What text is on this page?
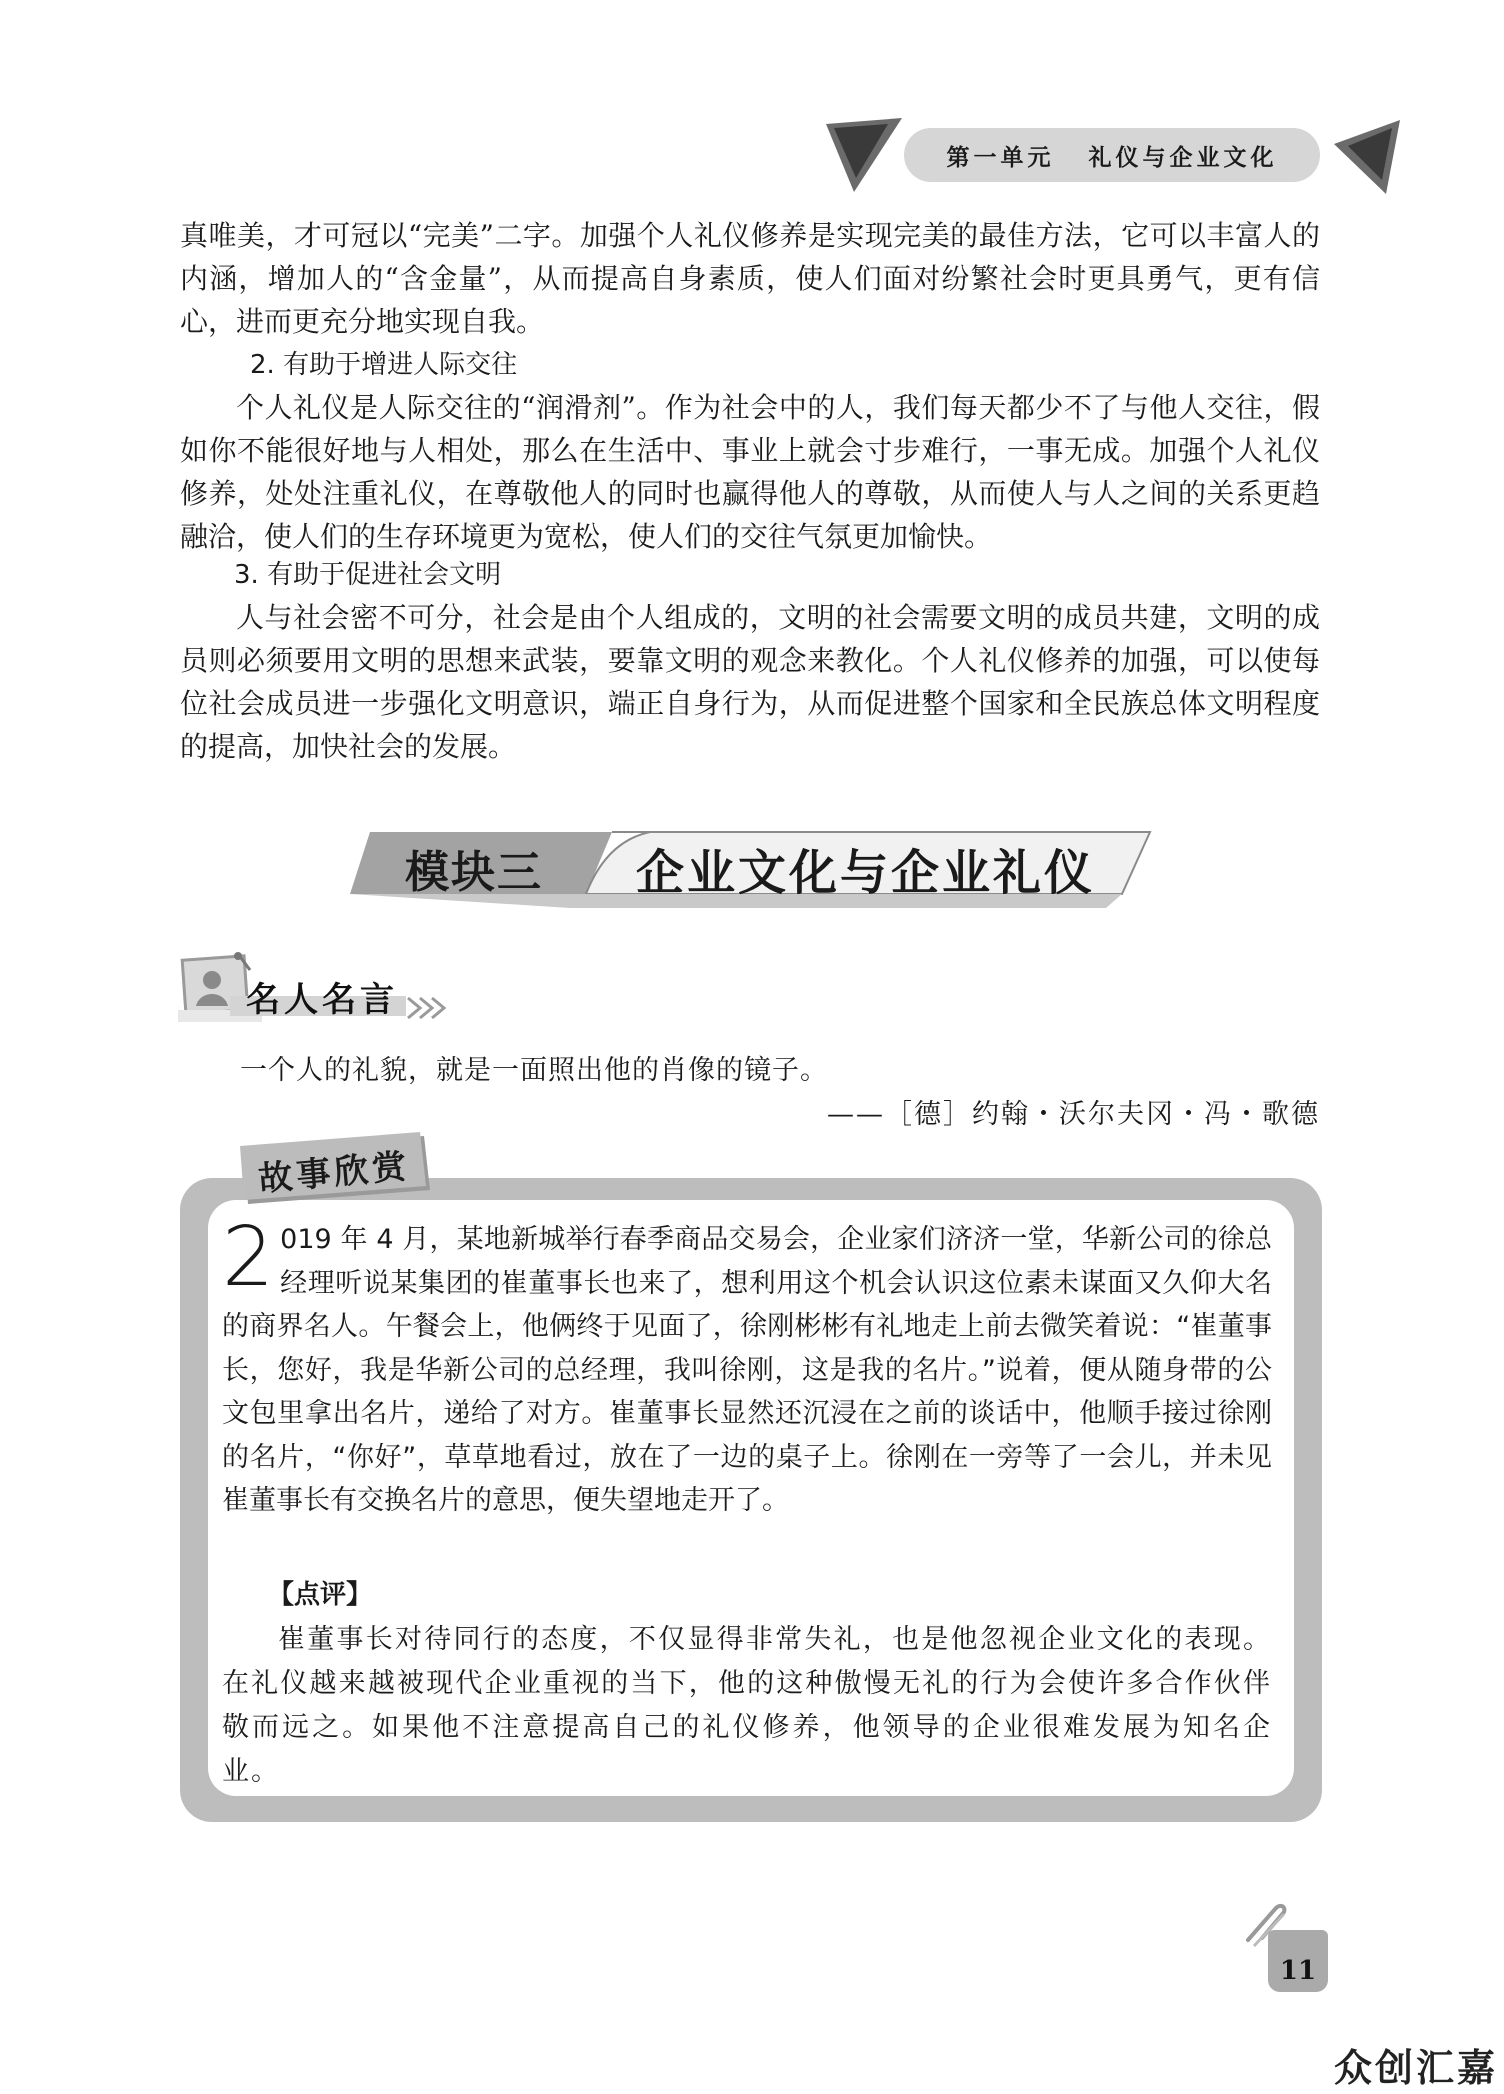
第一单元 礼仪与企业文化

真唯美，才可冠以“完美”二字。加强个人礼仪修养是实现完美的最佳方法，它可以丰富人的内涵，增加人的“含金量”，从而提高自身素质，使人们面对纷繁社会时更具勇气，更有信心，进而更充分地实现自我。

2. 有助于增进人际交往

个人礼仪是人际交往的“润滑剂”。作为社会中的人，我们每天都少不了与他人交往，假如你不能很好地与人相处，那么在生活中、事业上就会寸步难行，一事无成。加强个人礼仪修养，处处注重礼仪，在尊敬他人的同时也赢得他人的尊敬，从而使人与人之间的关系更趋融洽，使人们的生存环境更为宽松，使人们的交往气氛更加愉快。

3. 有助于促进社会文明

人与社会密不可分，社会是由个人组成的，文明的社会需要文明的成员共建，文明的成员则必须要用文明的思想来武装，要靠文明的观念来教化。个人礼仪修养的加强，可以使每位社会成员进一步强化文明意识，端正自身行为，从而促进整个国家和全民族总体文明程度的提高，加快社会的发展。

模块三 企业文化与企业礼仪
名人名言
一个人的礼貌，就是一面照出他的肖像的镜子。
——［德］约翰・沃尔夫冈・冯・歌德
故事欣赏
2 019 年 4 月，某地新城举行春季商品交易会，企业家们济济一堂，华新公司的徐总经理听说某集团的崔董事长也来了，想利用这个机会认识这位素未谋面又久仰大名的商界名人。午餐会上，他俩终于见面了，徐刚彬彬有礼地走上前去微笑着说：“崔董事长，您好，我是华新公司的总经理，我叫徐刚，这是我的名片。”说着，便从随身带的公文包里拿出名片，递给了对方。崔董事长显然还沉浸在之前的谈话中，他顺手接过徐刚的名片，“你好”，草草地看过，放在了一边的桌子上。徐刚在一旁等了一会儿，并未见崔董事长有交换名片的意思，便失望地走开了。
【点评】

崔董事长对待同行的态度，不仅显得非常失礼，也是他忽视企业文化的表现。在礼仪越来越被现代企业重视的当下，他的这种傲慢无礼的行为会使许多合作伙伴敬而远之。如果他不注意提高自己的礼仪修养，他领导的企业很难发展为知名企业。

11
众创汇嘉
